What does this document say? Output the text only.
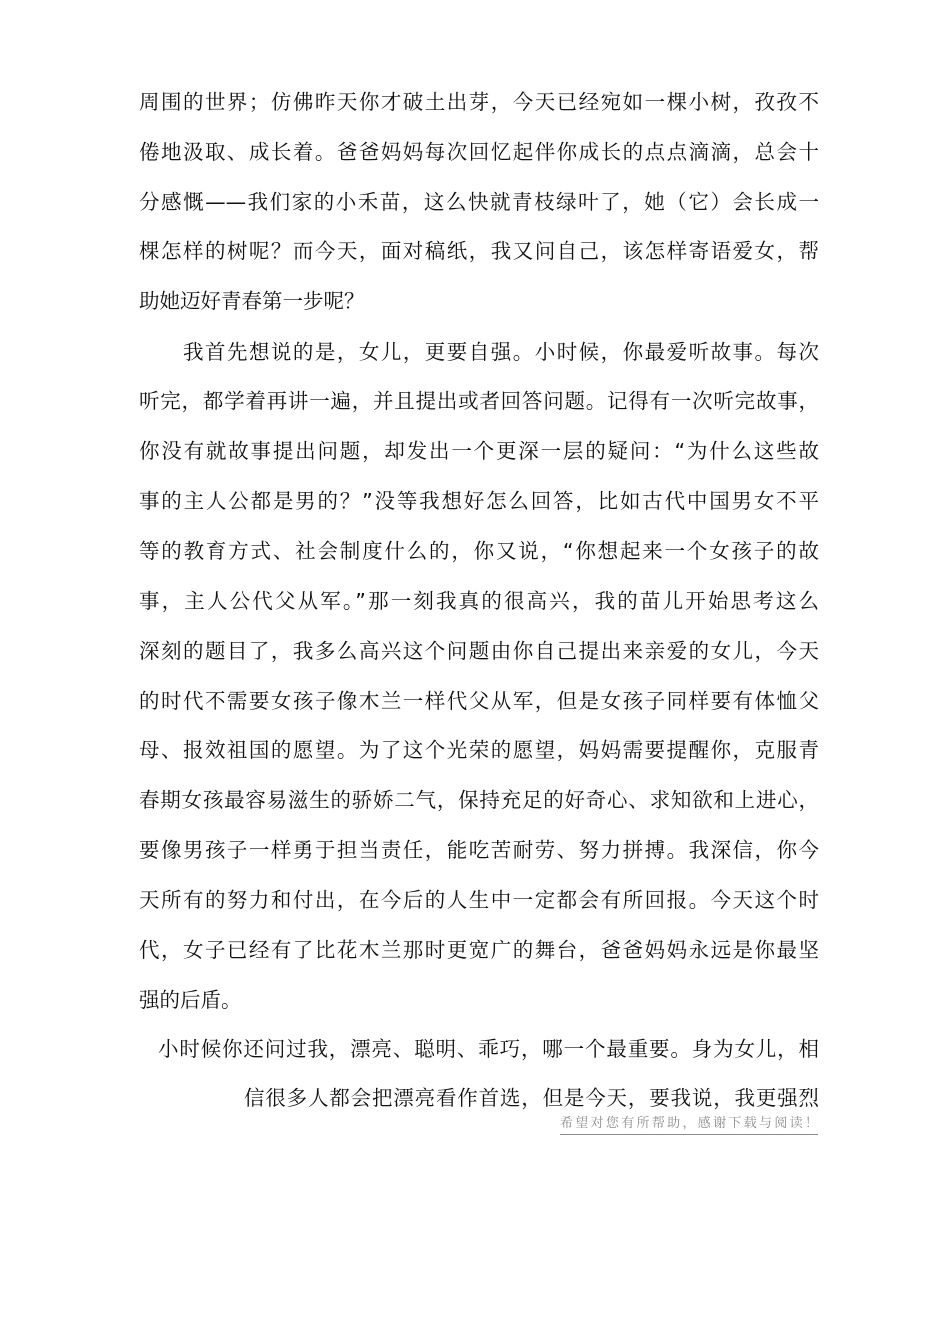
周围的世界；仿佛昨天你才破土出芽，今天已经宛如一棵小树，孜孜不
倦地汲取、成长着。爸爸妈妈每次回忆起伴你成长的点点滴滴，总会十
分感慨——我们家的小禾苗，这么快就青枝绿叶了，她（它）会长成一
棵怎样的树呢？而今天，面对稿纸，我又问自己，该怎样寄语爱女，帮
助她迈好青春第一步呢？
我首先想说的是，女儿，更要自强。小时候，你最爱听故事。每次
听完，都学着再讲一遍，并且提出或者回答问题。记得有一次听完故事，
你没有就故事提出问题，却发出一个更深一层的疑问：“为什么这些故
事的主人公都是男的？”没等我想好怎么回答，比如古代中国男女不平
等的教育方式、社会制度什么的，你又说，“你想起来一个女孩子的故
事，主人公代父从军。”那一刻我真的很高兴，我的苗儿开始思考这么
深刻的题目了，我多么高兴这个问题由你自己提出来亲爱的女儿，今天
的时代不需要女孩子像木兰一样代父从军，但是女孩子同样要有体恤父
母、报效祖国的愿望。为了这个光荣的愿望，妈妈需要提醒你，克服青
春期女孩最容易滋生的骄娇二气，保持充足的好奇心、求知欲和上进心，
要像男孩子一样勇于担当责任，能吃苦耐劳、努力拼搏。我深信，你今
天所有的努力和付出，在今后的人生中一定都会有所回报。今天这个时
代，女子已经有了比花木兰那时更宽广的舞台，爸爸妈妈永远是你最坚
强的后盾。
小时候你还问过我，漂亮、聪明、乖巧，哪一个最重要。身为女儿，相
信很多人都会把漂亮看作首选，但是今天，要我说，我更强烈
希望对您有所帮助，感谢下载与阅读！
